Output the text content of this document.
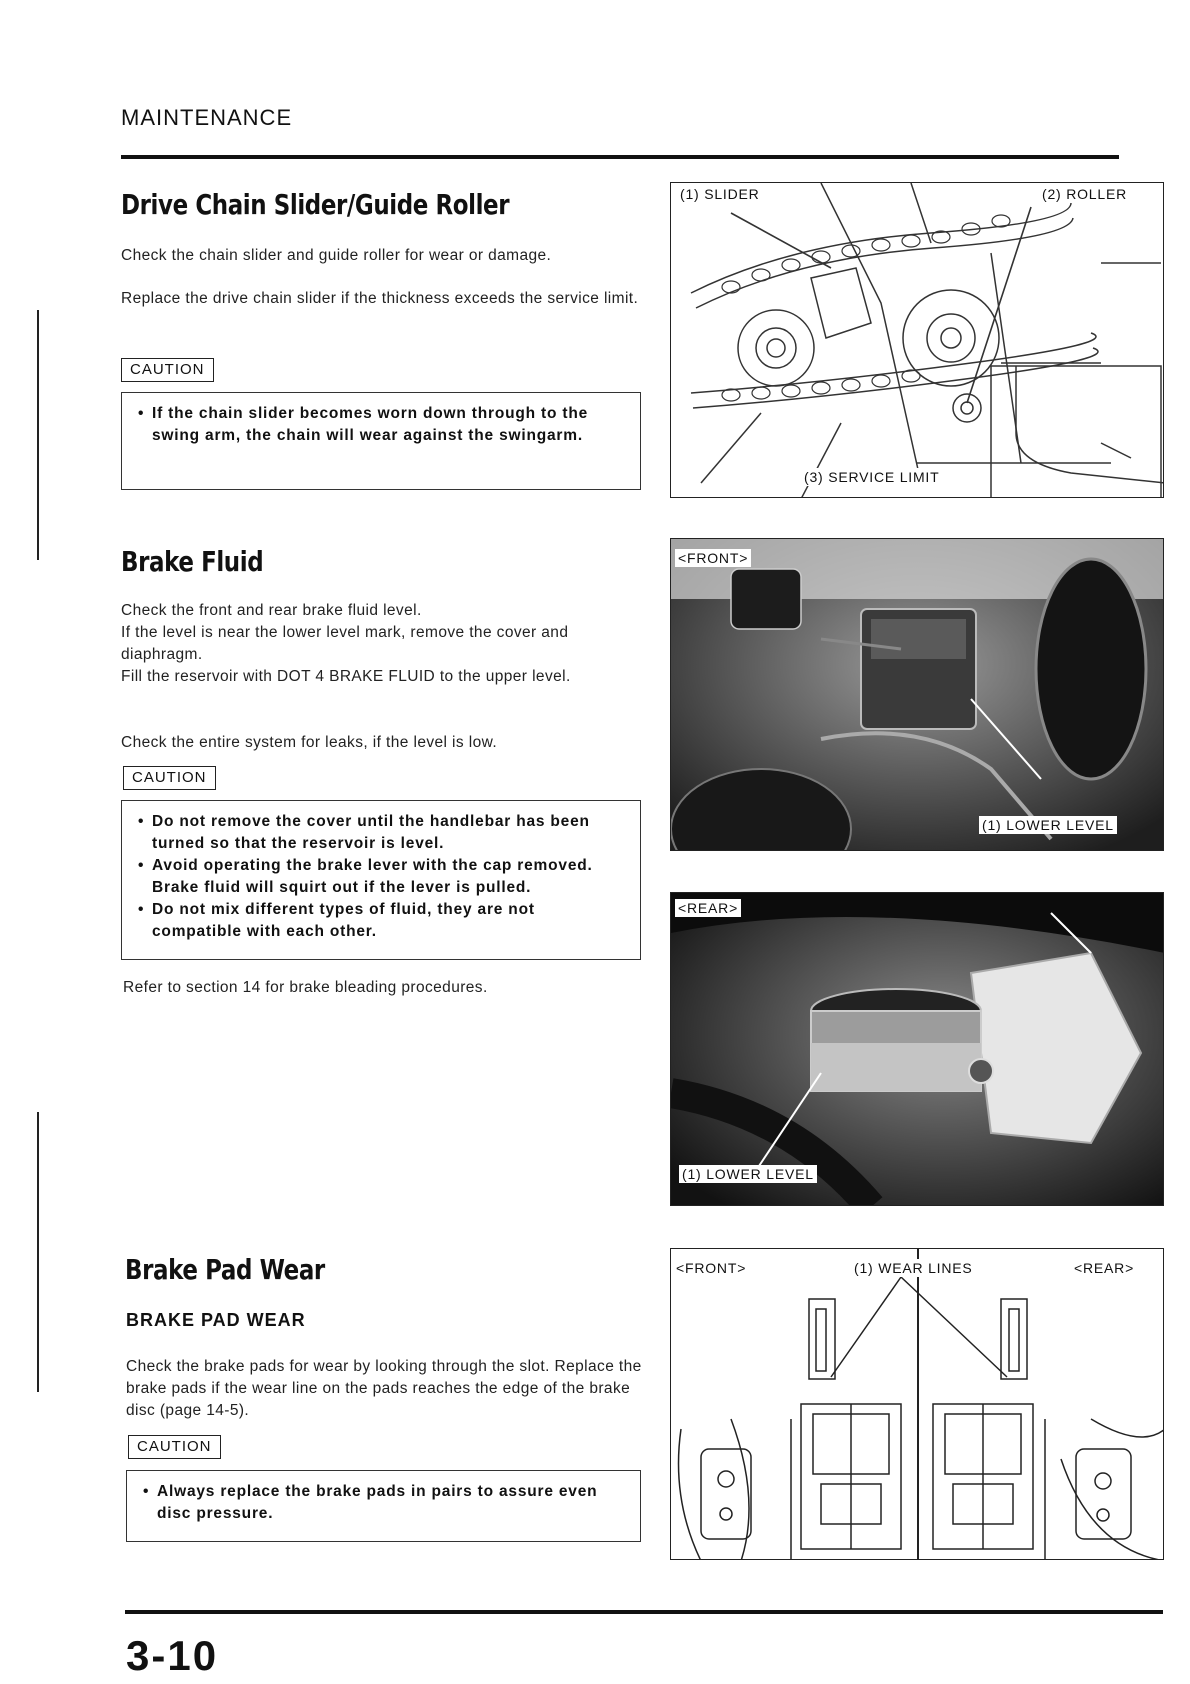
MAINTENANCE
Drive Chain Slider/Guide Roller

Check the chain slider and guide roller for wear or damage.

Replace the drive chain slider if the thickness exceeds the service limit.

CAUTION
• If the chain slider becomes worn down through to the swing arm, the chain will wear against the swingarm.
(1) SLIDER	(2) ROLLER
(3) SERVICE LIMIT
Brake Fluid

Check the front and rear brake fluid level.

If the level is near the lower level mark, remove the cover and diaphragm.

Fill the reservoir with DOT 4 BRAKE FLUID to the upper level.

Check the entire system for leaks, if the level is low.

CAUTION
• Do not remove the cover until the handlebar has been turned so that the reservoir is level.
• Avoid operating the brake lever with the cap removed. Brake fluid will squirt out if the lever is pulled.
• Do not mix different types of fluid, they are not compatible with each other.

Refer to section 14 for brake bleading procedures.

<FRONT>
(1) LOWER LEVEL
<REAR>
(1) LOWER LEVEL
Brake Pad Wear
BRAKE PAD WEAR

Check the brake pads for wear by looking through the slot. Replace the brake pads if the wear line on the pads reaches the edge of the brake disc (page 14-5).

CAUTION
• Always replace the brake pads in pairs to assure even disc pressure.
<FRONT>	(1) WEAR LINES	<REAR>
3-10
